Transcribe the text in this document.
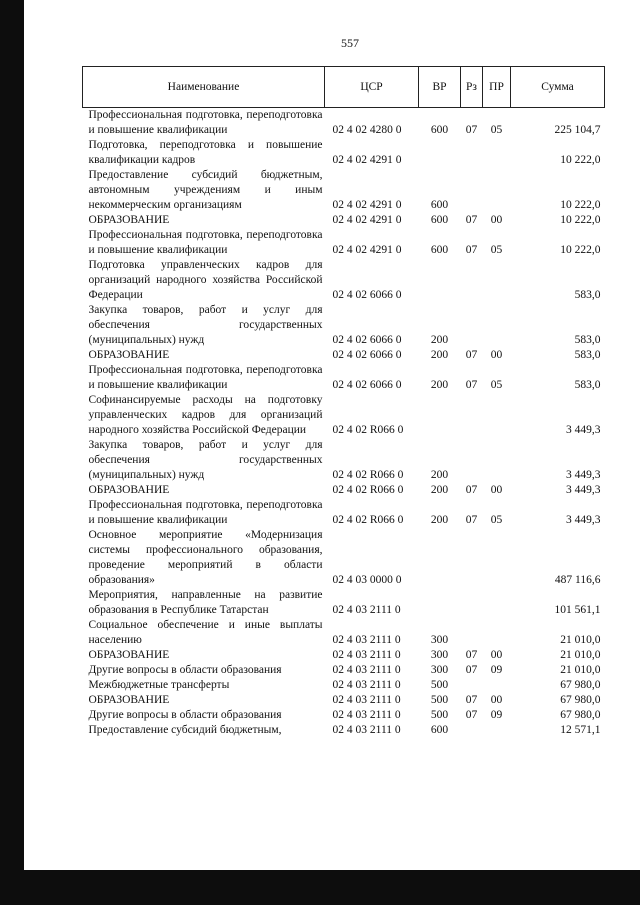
557
Наименование	ЦСР	ВР	Рз	ПР	Сумма
Профессиональная подготовка, переподготовка и повышение квалификации	02 4 02 4280 0	600	07	05	225 104,7
Подготовка, переподготовка и повышение квалификации кадров	02 4 02 4291 0				10 222,0
Предоставление субсидий бюджетным, автономным учреждениям и иным некоммерческим организациям	02 4 02 4291 0	600			10 222,0
ОБРАЗОВАНИЕ	02 4 02 4291 0	600	07	00	10 222,0
Профессиональная подготовка, переподготовка и повышение квалификации	02 4 02 4291 0	600	07	05	10 222,0
Подготовка управленческих кадров для организаций народного хозяйства Российской Федерации	02 4 02 6066 0				583,0
Закупка товаров, работ и услуг для обеспечения государственных (муниципальных) нужд	02 4 02 6066 0	200			583,0
ОБРАЗОВАНИЕ	02 4 02 6066 0	200	07	00	583,0
Профессиональная подготовка, переподготовка и повышение квалификации	02 4 02 6066 0	200	07	05	583,0
Софинансируемые расходы на подготовку управленческих кадров для организаций народного хозяйства Российской Федерации	02 4 02 R066 0				3 449,3
Закупка товаров, работ и услуг для обеспечения государственных (муниципальных) нужд	02 4 02 R066 0	200			3 449,3
ОБРАЗОВАНИЕ	02 4 02 R066 0	200	07	00	3 449,3
Профессиональная подготовка, переподготовка и повышение квалификации	02 4 02 R066 0	200	07	05	3 449,3
Основное мероприятие «Модернизация системы профессионального образования, проведение мероприятий в области образования»	02 4 03 0000 0				487 116,6
Мероприятия, направленные на развитие образования в Республике Татарстан	02 4 03 2111 0				101 561,1
Социальное обеспечение и иные выплаты населению	02 4 03 2111 0	300			21 010,0
ОБРАЗОВАНИЕ	02 4 03 2111 0	300	07	00	21 010,0
Другие вопросы в области образования	02 4 03 2111 0	300	07	09	21 010,0
Межбюджетные трансферты	02 4 03 2111 0	500			67 980,0
ОБРАЗОВАНИЕ	02 4 03 2111 0	500	07	00	67 980,0
Другие вопросы в области образования	02 4 03 2111 0	500	07	09	67 980,0
Предоставление субсидий бюджетным,	02 4 03 2111 0	600			12 571,1
